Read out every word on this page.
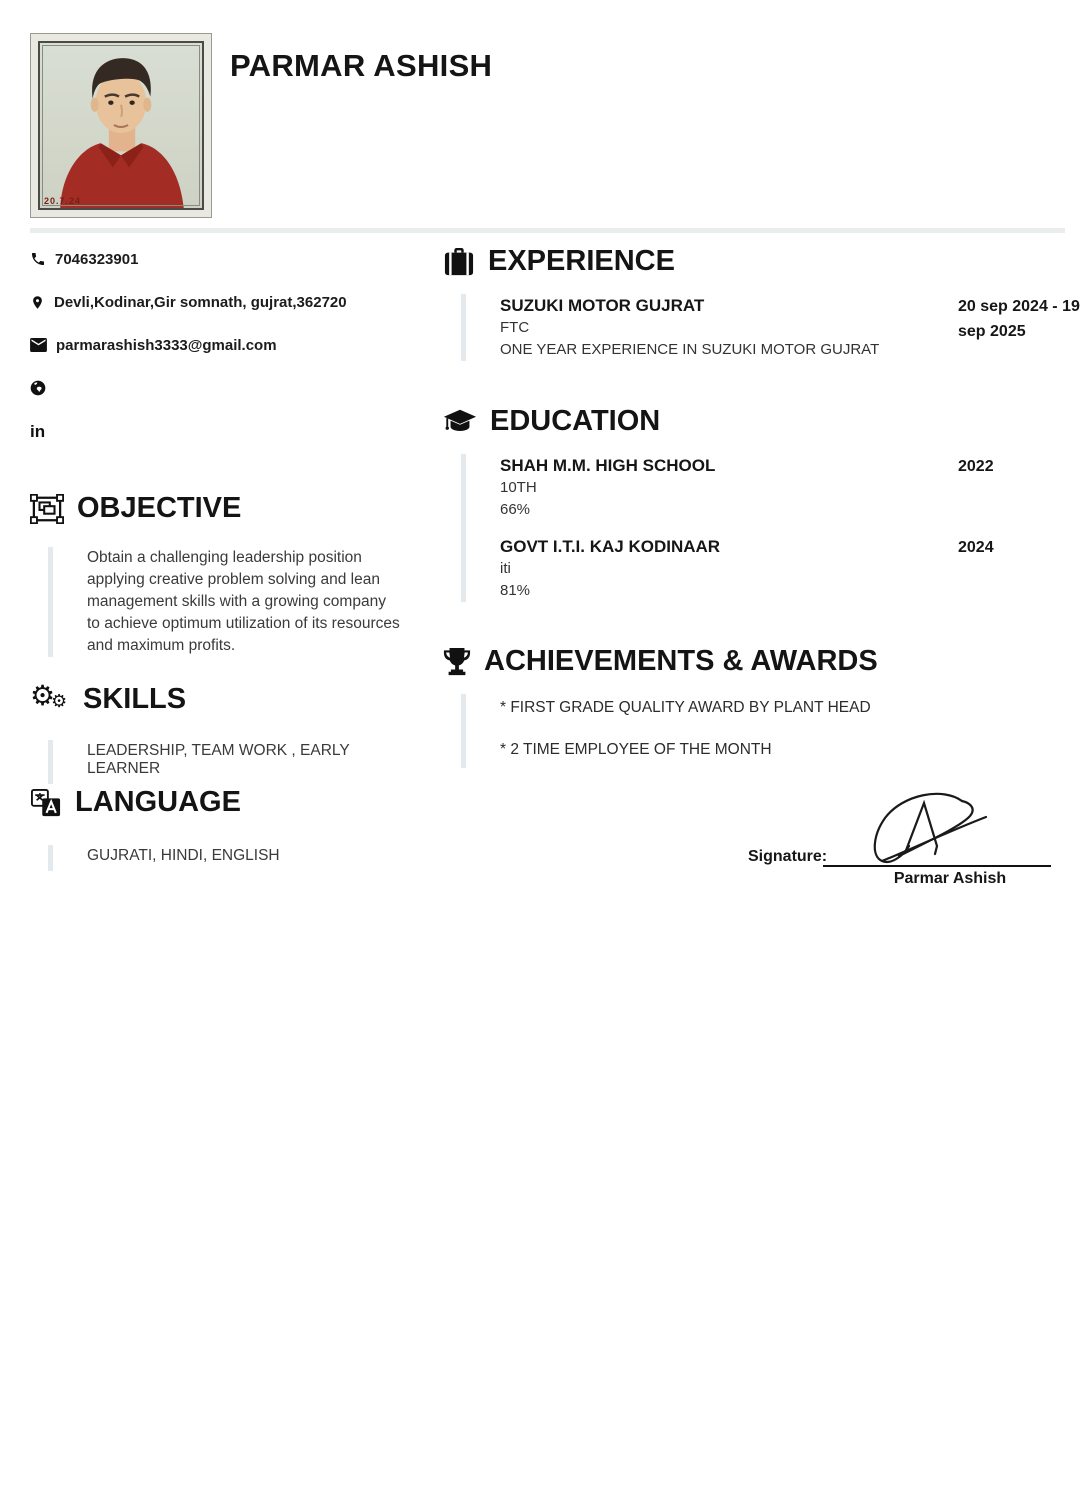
20.7.24
PARMAR ASHISH
7046323901
Devli,Kodinar,Gir somnath, gujrat,362720
parmarashish3333@gmail.com
in
OBJECTIVE
Obtain a challenging leadership position applying creative problem solving and lean management skills with a growing company to achieve optimum utilization of its resources and maximum profits.
⚙
⚙ SKILLS
LEADERSHIP, TEAM WORK , EARLY LEARNER
LANGUAGE
GUJRATI, HINDI, ENGLISH
EXPERIENCE
SUZUKI MOTOR GUJRAT
FTC
ONE YEAR EXPERIENCE IN SUZUKI MOTOR GUJRAT
20 sep 2024 - 19 sep 2025
EDUCATION
SHAH M.M. HIGH SCHOOL
10TH
66%
2022
GOVT I.T.I. KAJ KODINAAR
iti
81%
2024
ACHIEVEMENTS & AWARDS
* FIRST GRADE QUALITY AWARD BY PLANT HEAD
* 2 TIME EMPLOYEE OF THE MONTH
Signature:
Parmar Ashish
